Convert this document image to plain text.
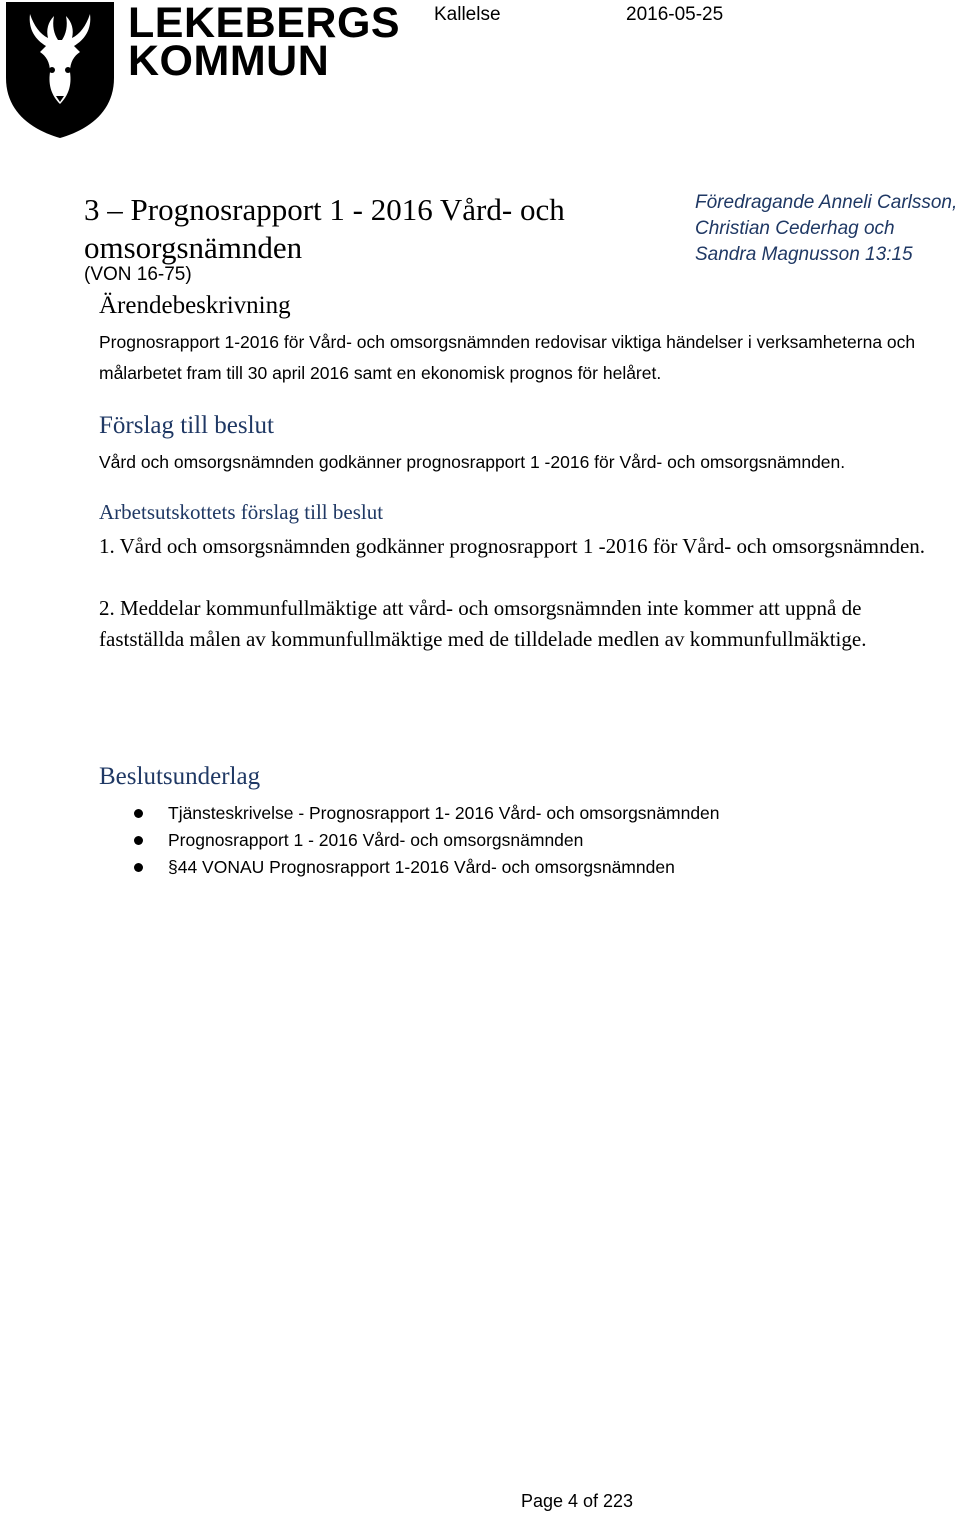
LEKEBERGS
KOMMUN
Kallelse	2016-05-25
3 – Prognosrapport 1 - 2016 Vård- och omsorgsnämnden
(VON 16-75)
Föredragande Anneli Carlsson, Christian Cederhag och Sandra Magnusson 13:15
Ärendebeskrivning
Prognosrapport 1-2016 för Vård- och omsorgsnämnden redovisar viktiga händelser i verksamheterna och målarbetet fram till 30 april 2016 samt en ekonomisk prognos för helåret.
Förslag till beslut
Vård och omsorgsnämnden godkänner prognosrapport 1 -2016 för Vård- och omsorgsnämnden.
Arbetsutskottets förslag till beslut
1. Vård och omsorgsnämnden godkänner prognosrapport 1 -2016 för Vård- och omsorgsnämnden.
2. Meddelar kommunfullmäktige att vård- och omsorgsnämnden inte kommer att uppnå de fastställda målen av kommunfullmäktige med de tilldelade medlen av kommunfullmäktige.
Beslutsunderlag
Tjänsteskrivelse - Prognosrapport 1- 2016 Vård- och omsorgsnämnden
Prognosrapport 1 - 2016 Vård- och omsorgsnämnden
§44 VONAU Prognosrapport 1-2016 Vård- och omsorgsnämnden
Page 4 of 223
